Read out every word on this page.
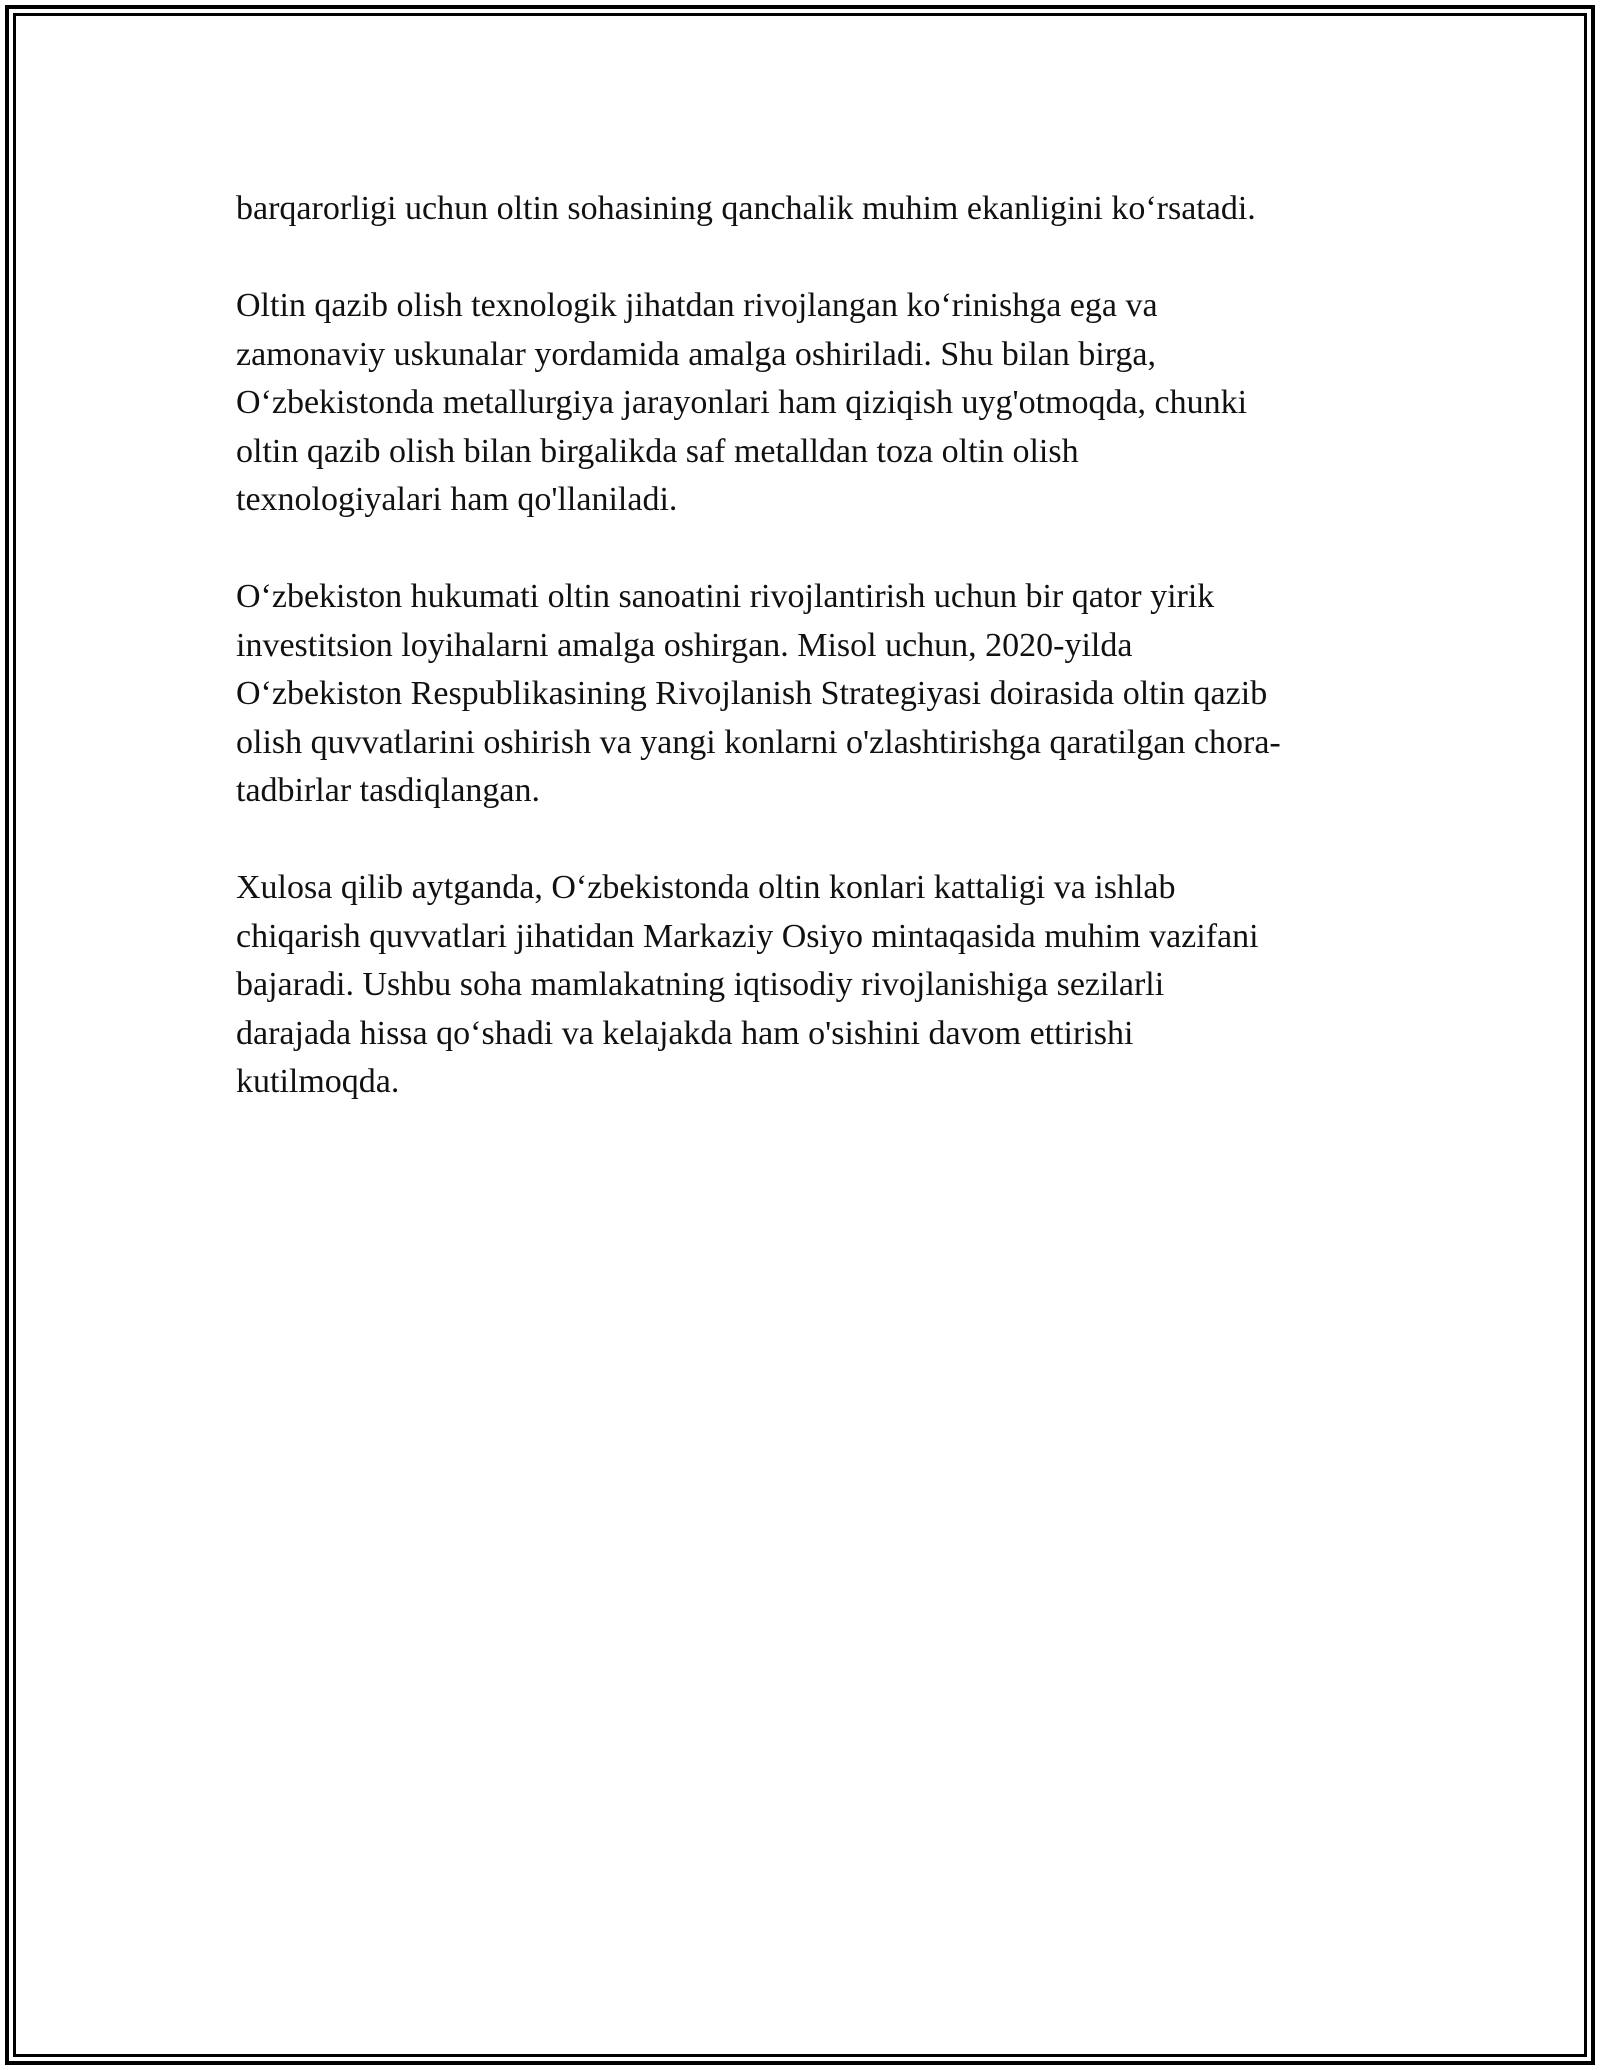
barqarorligi uchun oltin sohasining qanchalik muhim ekanligini ko‘rsatadi.

Oltin qazib olish texnologik jihatdan rivojlangan ko‘rinishga ega va
zamonaviy uskunalar yordamida amalga oshiriladi. Shu bilan birga,
O‘zbekistonda metallurgiya jarayonlari ham qiziqish uyg'otmoqda, chunki
oltin qazib olish bilan birgalikda saf metalldan toza oltin olish
texnologiyalari ham qo'llaniladi.

O‘zbekiston hukumati oltin sanoatini rivojlantirish uchun bir qator yirik
investitsion loyihalarni amalga oshirgan. Misol uchun, 2020-yilda
O‘zbekiston Respublikasining Rivojlanish Strategiyasi doirasida oltin qazib
olish quvvatlarini oshirish va yangi konlarni o'zlashtirishga qaratilgan chora-
tadbirlar tasdiqlangan.

Xulosa qilib aytganda, O‘zbekistonda oltin konlari kattaligi va ishlab
chiqarish quvvatlari jihatidan Markaziy Osiyo mintaqasida muhim vazifani
bajaradi. Ushbu soha mamlakatning iqtisodiy rivojlanishiga sezilarli
darajada hissa qo‘shadi va kelajakda ham o'sishini davom ettirishi
kutilmoqda.
